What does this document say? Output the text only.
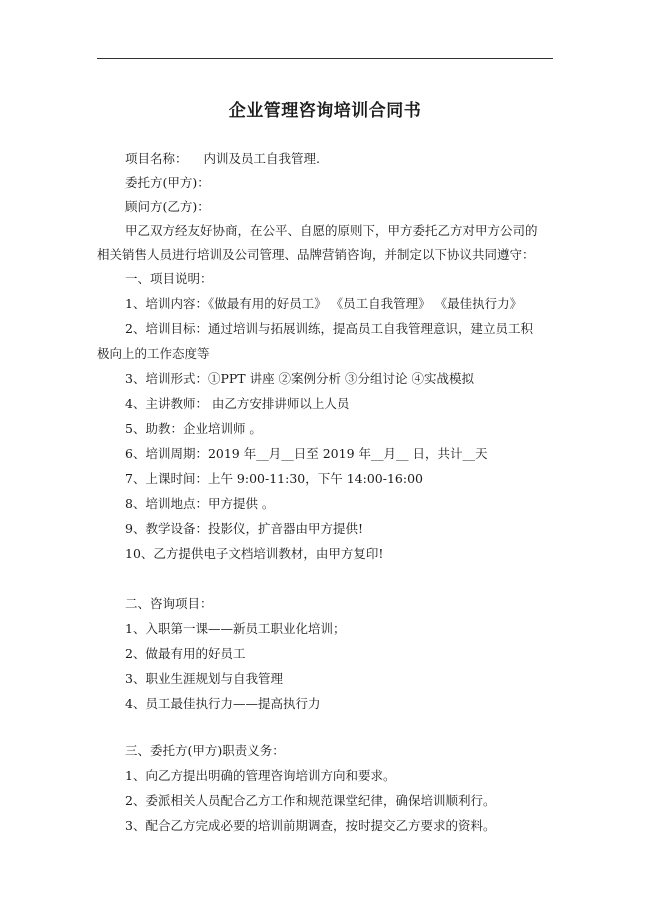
企业管理咨询培训合同书
项目名称： 内训及员工自我管理.
委托方(甲方)：
顾问方(乙方)：
甲乙双方经友好协商，在公平、自愿的原则下，甲方委托乙方对甲方公司的
相关销售人员进行培训及公司管理、品牌营销咨询，并制定以下协议共同遵守：
一、项目说明：
1、培训内容：《做最有用的好员工》 《员工自我管理》 《最佳执行力》
2、培训目标：通过培训与拓展训练，提高员工自我管理意识，建立员工积
极向上的工作态度等
3、培训形式：①PPT 讲座 ②案例分析 ③分组讨论 ④实战模拟
4、主讲教师： 由乙方安排讲师以上人员
5、助教：企业培训师 。
6、培训周期：2019 年__月__日至 2019 年__月__ 日，共计__天
7、上课时间：上午 9:00-11:30，下午 14:00-16:00
8、培训地点：甲方提供 。
9、教学设备：投影仪，扩音器由甲方提供!
10、乙方提供电子文档培训教材，由甲方复印!
二、咨询项目：
1、入职第一课——新员工职业化培训；
2、做最有用的好员工
3、职业生涯规划与自我管理
4、员工最佳执行力——提高执行力
三、委托方(甲方)职责义务：
1、向乙方提出明确的管理咨询培训方向和要求。
2、委派相关人员配合乙方工作和规范课堂纪律，确保培训顺利行。
3、配合乙方完成必要的培训前期调查，按时提交乙方要求的资料。
